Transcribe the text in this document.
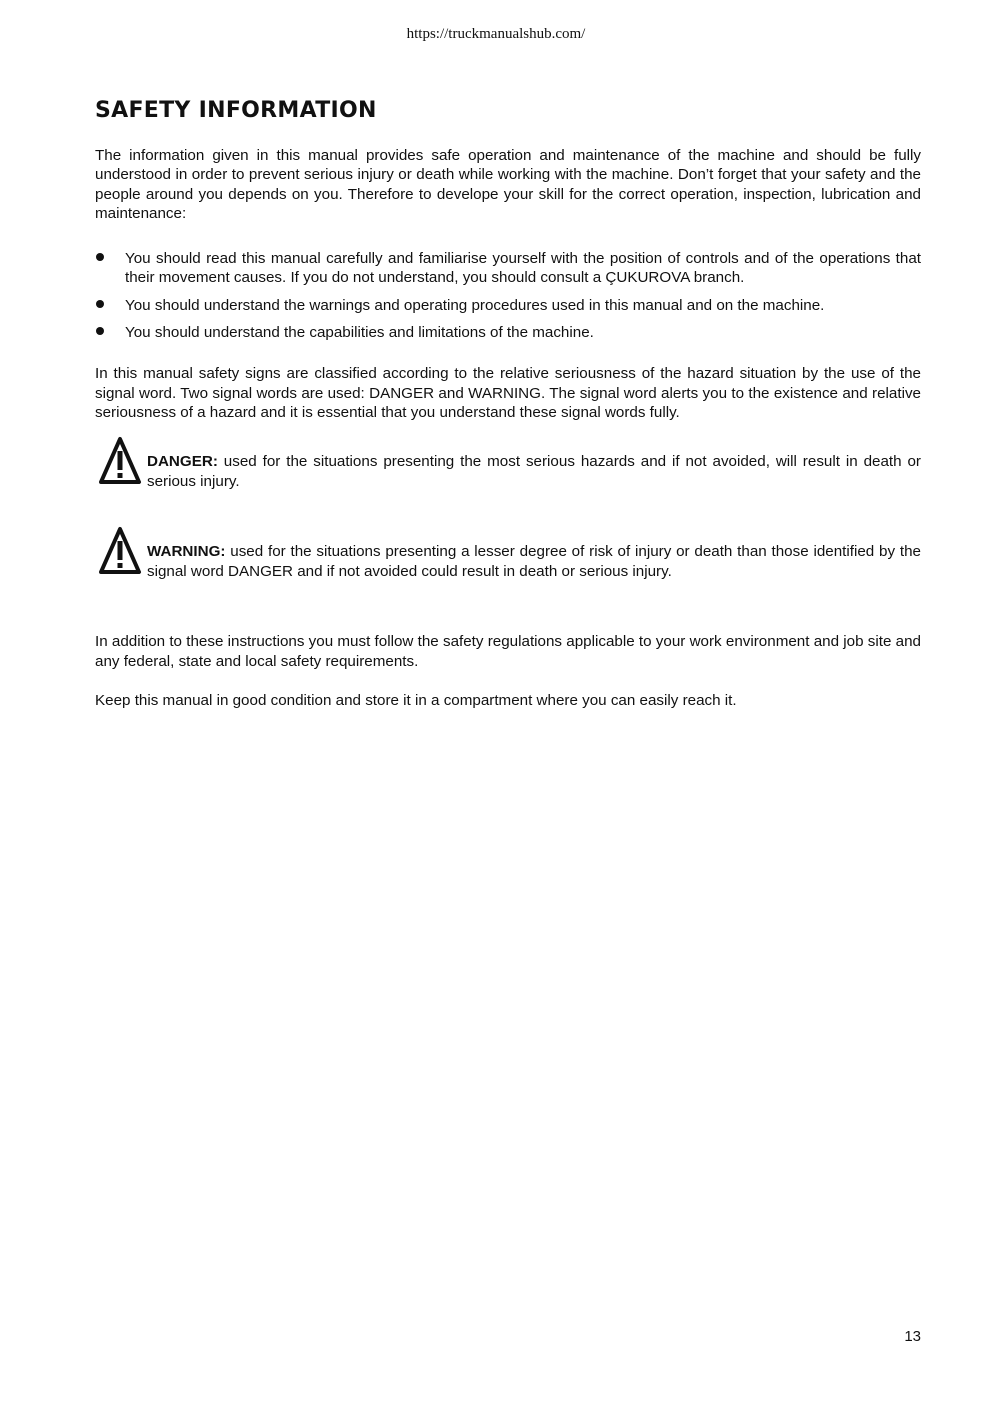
https://truckmanualshub.com/
SAFETY INFORMATION

The information given in this manual provides safe operation and maintenance of the machine and should be fully understood in order to prevent serious injury or death while working with the machine. Don’t forget that your safety and the people around you depends on you. Therefore to develope your skill for the correct operation, inspection, lubrication and maintenance:

You should read this manual carefully and familiarise yourself with the position of controls and of the operations that their movement causes. If you do not understand, you should consult a ÇUKUROVA branch.
You should understand the warnings and operating procedures used in this manual and on the machine.
You should understand the capabilities and limitations of the machine.

In this manual safety signs are classified according to the relative seriousness of the hazard situation by the use of the signal word. Two signal words are used: DANGER and WARNING. The signal word alerts you to the existence and relative seriousness of a hazard and it is essential that you understand these signal words fully.

DANGER: used for the situations presenting the most serious hazards and if not avoided, will result in death or serious injury.

WARNING: used for the situations presenting a lesser degree of risk of injury or death than those identified by the signal word DANGER and if not avoided could result in death or serious injury.

In addition to these instructions you must follow the safety regulations applicable to your work environment and job site and any federal, state and local safety requirements.

Keep this manual in good condition and store it in a compartment where you can easily reach it.

13
